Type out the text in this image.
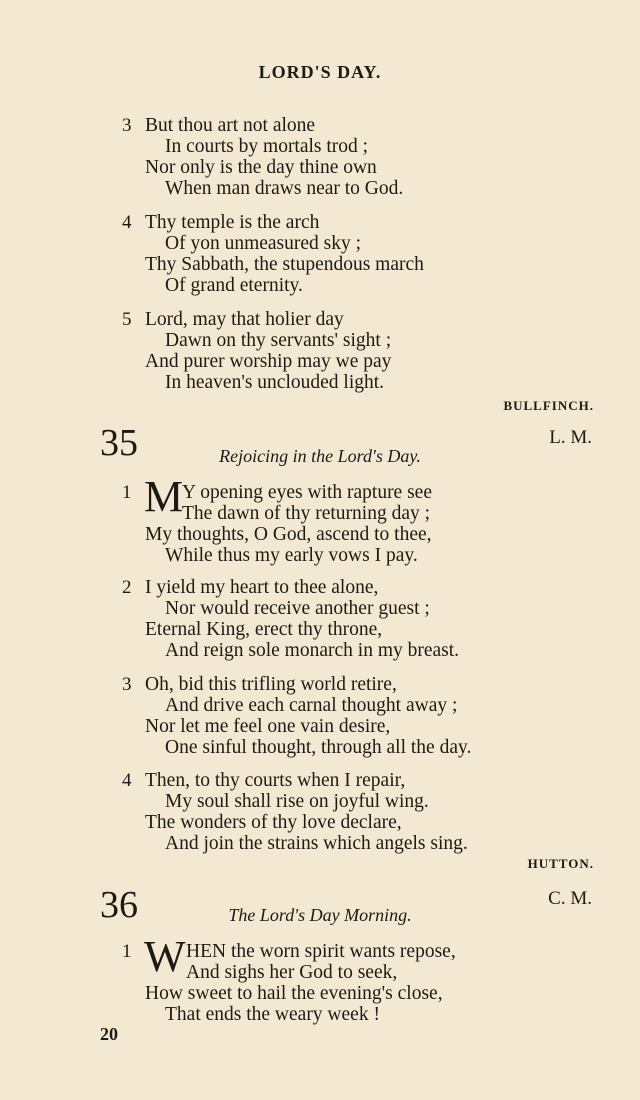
LORD'S DAY.
3 But thou art not alone
In courts by mortals trod ;
Nor only is the day thine own
When man draws near to God.
4 Thy temple is the arch
Of yon unmeasured sky ;
Thy Sabbath, the stupendous march
Of grand eternity.
5 Lord, may that holier day
Dawn on thy servants' sight ;
And purer worship may we pay
In heaven's unclouded light.
BULLFINCH.
35	L. M.
Rejoicing in the Lord's Day.
1 M
Y opening eyes with rapture see
The dawn of thy returning day ;
My thoughts, O God, ascend to thee,
While thus my early vows I pay.
2 I yield my heart to thee alone,
Nor would receive another guest ;
Eternal King, erect thy throne,
And reign sole monarch in my breast.
3 Oh, bid this trifling world retire,
And drive each carnal thought away ;
Nor let me feel one vain desire,
One sinful thought, through all the day.
4 Then, to thy courts when I repair,
My soul shall rise on joyful wing.
The wonders of thy love declare,
And join the strains which angels sing.
HUTTON.
36	C. M.
The Lord's Day Morning.
1 W HEN the worn spirit wants repose,
And sighs her God to seek,
How sweet to hail the evening's close,
That ends the weary week !
20
